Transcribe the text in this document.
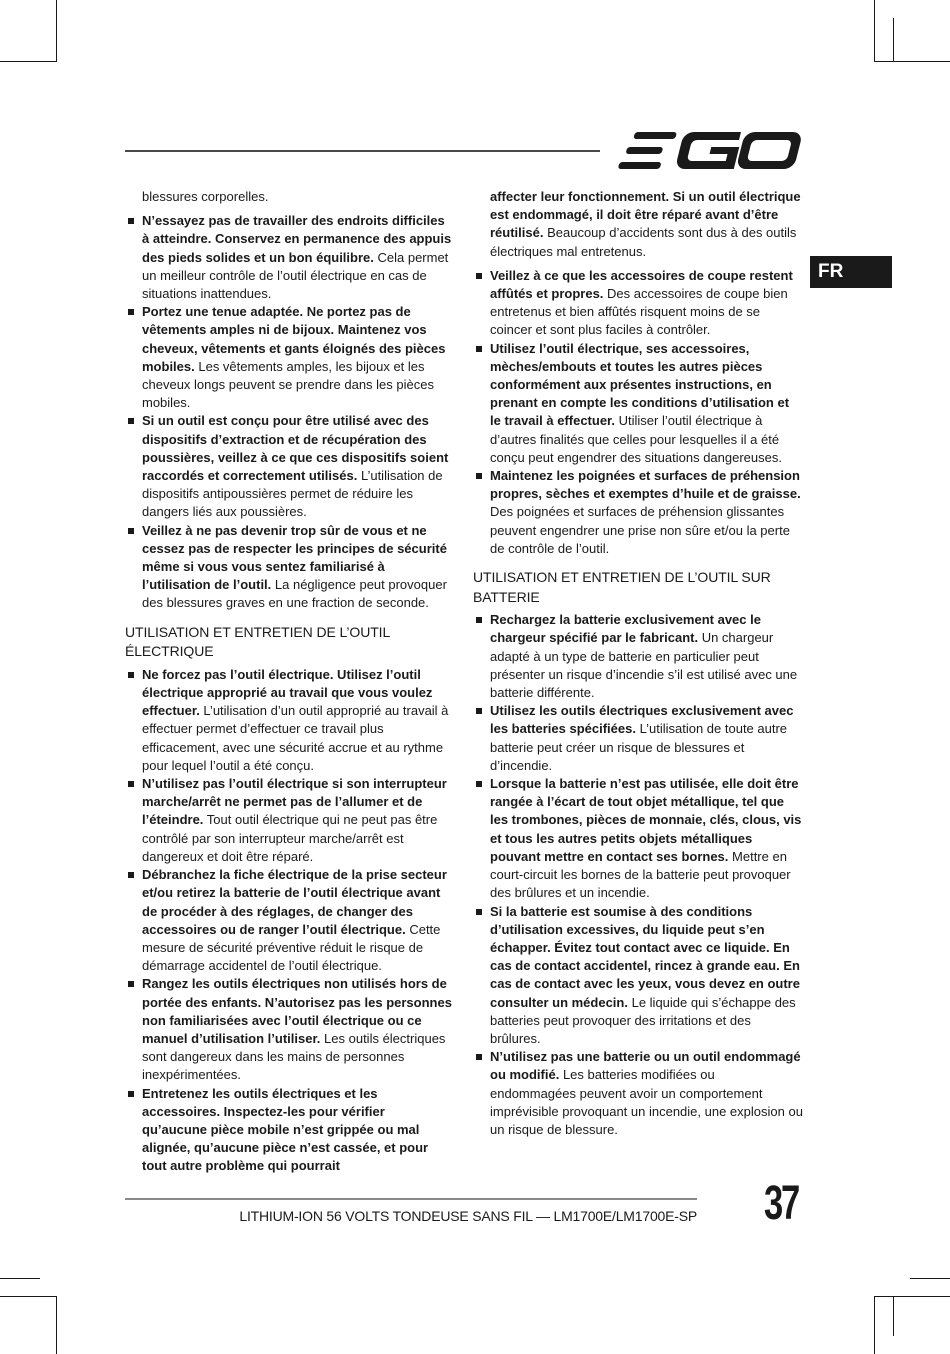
FR

blessures corporelles.

N’essayez pas de travailler des endroits difficiles à atteindre. Conservez en permanence des appuis des pieds solides et un bon équilibre. Cela permet un meilleur contrôle de l’outil électrique en cas de situations inattendues.

Portez une tenue adaptée. Ne portez pas de vêtements amples ni de bijoux. Maintenez vos cheveux, vêtements et gants éloignés des pièces mobiles. Les vêtements amples, les bijoux et les cheveux longs peuvent se prendre dans les pièces mobiles.

Si un outil est conçu pour être utilisé avec des dispositifs d’extraction et de récupération des poussières, veillez à ce que ces dispositifs soient raccordés et correctement utilisés. L’utilisation de dispositifs antipoussières permet de réduire les dangers liés aux poussières.

Veillez à ne pas devenir trop sûr de vous et ne cessez pas de respecter les principes de sécurité même si vous vous sentez familiarisé à l’utilisation de l’outil. La négligence peut provoquer des blessures graves en une fraction de seconde.

UTILISATION ET ENTRETIEN DE L’OUTIL ÉLECTRIQUE

Ne forcez pas l’outil électrique. Utilisez l’outil électrique approprié au travail que vous voulez effectuer. L’utilisation d’un outil approprié au travail à effectuer permet d’effectuer ce travail plus efficacement, avec une sécurité accrue et au rythme pour lequel l’outil a été conçu.

N’utilisez pas l’outil électrique si son interrupteur marche/arrêt ne permet pas de l’allumer et de l’éteindre. Tout outil électrique qui ne peut pas être contrôlé par son interrupteur marche/arrêt est dangereux et doit être réparé.

Débranchez la fiche électrique de la prise secteur et/ou retirez la batterie de l’outil électrique avant de procéder à des réglages, de changer des accessoires ou de ranger l’outil électrique. Cette mesure de sécurité préventive réduit le risque de démarrage accidentel de l’outil électrique.

Rangez les outils électriques non utilisés hors de portée des enfants. N’autorisez pas les personnes non familiarisées avec l’outil électrique ou ce manuel d’utilisation l’utiliser. Les outils électriques sont dangereux dans les mains de personnes inexpérimentées.

Entretenez les outils électriques et les accessoires. Inspectez-les pour vérifier qu’aucune pièce mobile n’est grippée ou mal alignée, qu’aucune pièce n’est cassée, et pour tout autre problème qui pourrait

affecter leur fonctionnement. Si un outil électrique est endommagé, il doit être réparé avant d’être réutilisé. Beaucoup d’accidents sont dus à des outils électriques mal entretenus.

Veillez à ce que les accessoires de coupe restent affûtés et propres. Des accessoires de coupe bien entretenus et bien affûtés risquent moins de se coincer et sont plus faciles à contrôler.

Utilisez l’outil électrique, ses accessoires, mèches/embouts et toutes les autres pièces conformément aux présentes instructions, en prenant en compte les conditions d’utilisation et le travail à effectuer. Utiliser l’outil électrique à d’autres finalités que celles pour lesquelles il a été conçu peut engendrer des situations dangereuses.

Maintenez les poignées et surfaces de préhension propres, sèches et exemptes d’huile et de graisse. Des poignées et surfaces de préhension glissantes peuvent engendrer une prise non sûre et/ou la perte de contrôle de l’outil.

UTILISATION ET ENTRETIEN DE L’OUTIL SUR BATTERIE

Rechargez la batterie exclusivement avec le chargeur spécifié par le fabricant. Un chargeur adapté à un type de batterie en particulier peut présenter un risque d’incendie s’il est utilisé avec une batterie différente.

Utilisez les outils électriques exclusivement avec les batteries spécifiées. L’utilisation de toute autre batterie peut créer un risque de blessures et d’incendie.

Lorsque la batterie n’est pas utilisée, elle doit être rangée à l’écart de tout objet métallique, tel que les trombones, pièces de monnaie, clés, clous, vis et tous les autres petits objets métalliques pouvant mettre en contact ses bornes. Mettre en court-circuit les bornes de la batterie peut provoquer des brûlures et un incendie.

Si la batterie est soumise à des conditions d’utilisation excessives, du liquide peut s’en échapper. Évitez tout contact avec ce liquide. En cas de contact accidentel, rincez à grande eau. En cas de contact avec les yeux, vous devez en outre consulter un médecin. Le liquide qui s’échappe des batteries peut provoquer des irritations et des brûlures.

N’utilisez pas une batterie ou un outil endommagé ou modifié. Les batteries modifiées ou endommagées peuvent avoir un comportement imprévisible provoquant un incendie, une explosion ou un risque de blessure.

LITHIUM-ION 56 VOLTS TONDEUSE SANS FIL — LM1700E/LM1700E-SP 37
